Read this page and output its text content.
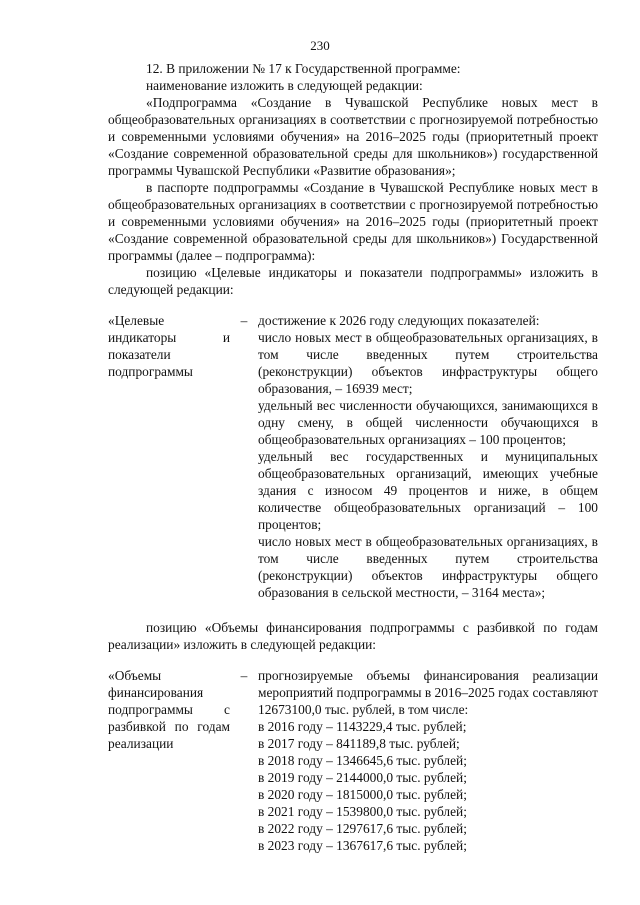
230

12. В приложении № 17 к Государственной программе:

наименование изложить в следующей редакции:

«Подпрограмма «Создание в Чувашской Республике новых мест в общеобразовательных организациях в соответствии с прогнозируемой потребностью и современными условиями обучения» на 2016–2025 годы (приоритетный проект «Создание современной образовательной среды для школьников») государственной программы Чувашской Республики «Развитие образования»;

в паспорте подпрограммы «Создание в Чувашской Республике новых мест в общеобразовательных организациях в соответствии с прогнозируемой потребностью и современными условиями обучения» на 2016–2025 годы (приоритетный проект «Создание современной образовательной среды для школьников») Государственной программы (далее – подпрограмма):

позицию «Целевые индикаторы и показатели подпрограммы» изложить в следующей редакции:

«Целевые индикаторы и показатели подпрограммы
– достижение к 2026 году следующих показателей:

число новых мест в общеобразовательных организациях, в том числе введенных путем строительства (реконструкции) объектов инфраструктуры общего образования, – 16939 мест;

удельный вес численности обучающихся, занимающихся в одну смену, в общей численности обучающихся в общеобразовательных организациях – 100 процентов;

удельный вес государственных и муниципальных общеобразовательных организаций, имеющих учебные здания с износом 49 процентов и ниже, в общем количестве общеобразовательных организаций – 100 процентов;

число новых мест в общеобразовательных организациях, в том числе введенных путем строительства (реконструкции) объектов инфраструктуры общего образования в сельской местности, – 3164 места»;

позицию «Объемы финансирования подпрограммы с разбивкой по годам реализации» изложить в следующей редакции:

«Объемы финансирования подпрограммы с разбивкой по годам реализации
– прогнозируемые объемы финансирования реализации мероприятий подпрограммы в 2016–2025 годах составляют 12673100,0 тыс. рублей, в том числе:

в 2016 году – 1143229,4 тыс. рублей;

в 2017 году – 841189,8 тыс. рублей;

в 2018 году – 1346645,6 тыс. рублей;

в 2019 году – 2144000,0 тыс. рублей;

в 2020 году – 1815000,0 тыс. рублей;

в 2021 году – 1539800,0 тыс. рублей;

в 2022 году – 1297617,6 тыс. рублей;

в 2023 году – 1367617,6 тыс. рублей;
